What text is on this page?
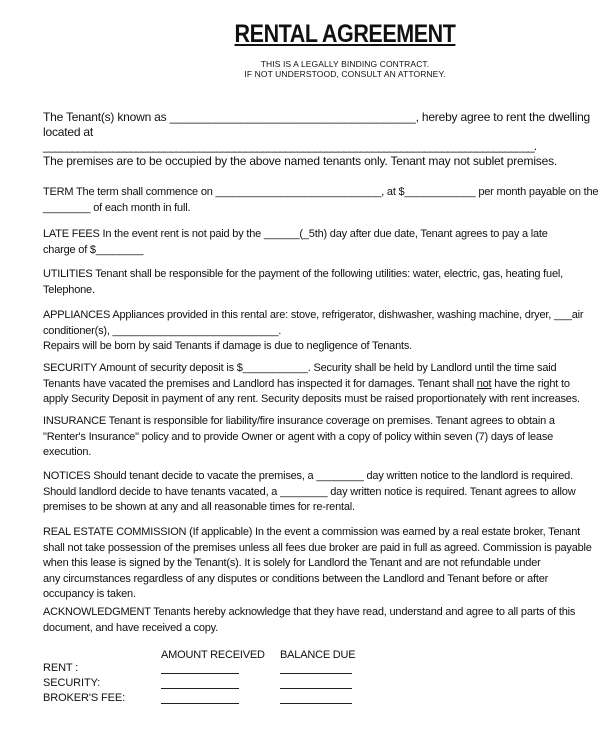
RENTAL AGREEMENT
THIS IS A LEGALLY BINDING CONTRACT.
IF NOT UNDERSTOOD, CONSULT AN ATTORNEY.
The Tenant(s) known as ______________________________________, hereby agree to rent the dwelling
located at
_____________________________________________________________________________________.
The premises are to be occupied by the above named tenants only. Tenant may not sublet premises.
TERM The term shall commence on ____________________________, at $____________ per month payable on the
________ of each month in full.
LATE FEES In the event rent is not paid by the ______(_5th) day after due date, Tenant agrees to pay a late
charge of $________
UTILITIES Tenant shall be responsible for the payment of the following utilities: water, electric, gas, heating fuel,
Telephone.
APPLIANCES Appliances provided in this rental are: stove, refrigerator, dishwasher, washing machine, dryer, ___air
conditioner(s), ____________________________.
Repairs will be born by said Tenants if damage is due to negligence of Tenants.
SECURITY Amount of security deposit is $___________. Security shall be held by Landlord until the time said
Tenants have vacated the premises and Landlord has inspected it for damages. Tenant shall not have the right to
apply Security Deposit in payment of any rent. Security deposits must be raised proportionately with rent increases.
INSURANCE Tenant is responsible for liability/fire insurance coverage on premises. Tenant agrees to obtain a
"Renter's Insurance" policy and to provide Owner or agent with a copy of policy within seven (7) days of lease
execution.
NOTICES Should tenant decide to vacate the premises, a ________ day written notice to the landlord is required.
Should landlord decide to have tenants vacated, a ________ day written notice is required. Tenant agrees to allow
premises to be shown at any and all reasonable times for re-rental.
REAL ESTATE COMMISSION (If applicable) In the event a commission was earned by a real estate broker, Tenant
shall not take possession of the premises unless all fees due broker are paid in full as agreed. Commission is payable
when this lease is signed by the Tenant(s). It is solely for Landlord the Tenant and are not refundable under
any circumstances regardless of any disputes or conditions between the Landlord and Tenant before or after
occupancy is taken.
ACKNOWLEDGMENT Tenants hereby acknowledge that they have read, understand and agree to all parts of this
document, and have received a copy.
AMOUNT RECEIVED BALANCE DUE
RENT :
SECURITY:
BROKER'S FEE:
